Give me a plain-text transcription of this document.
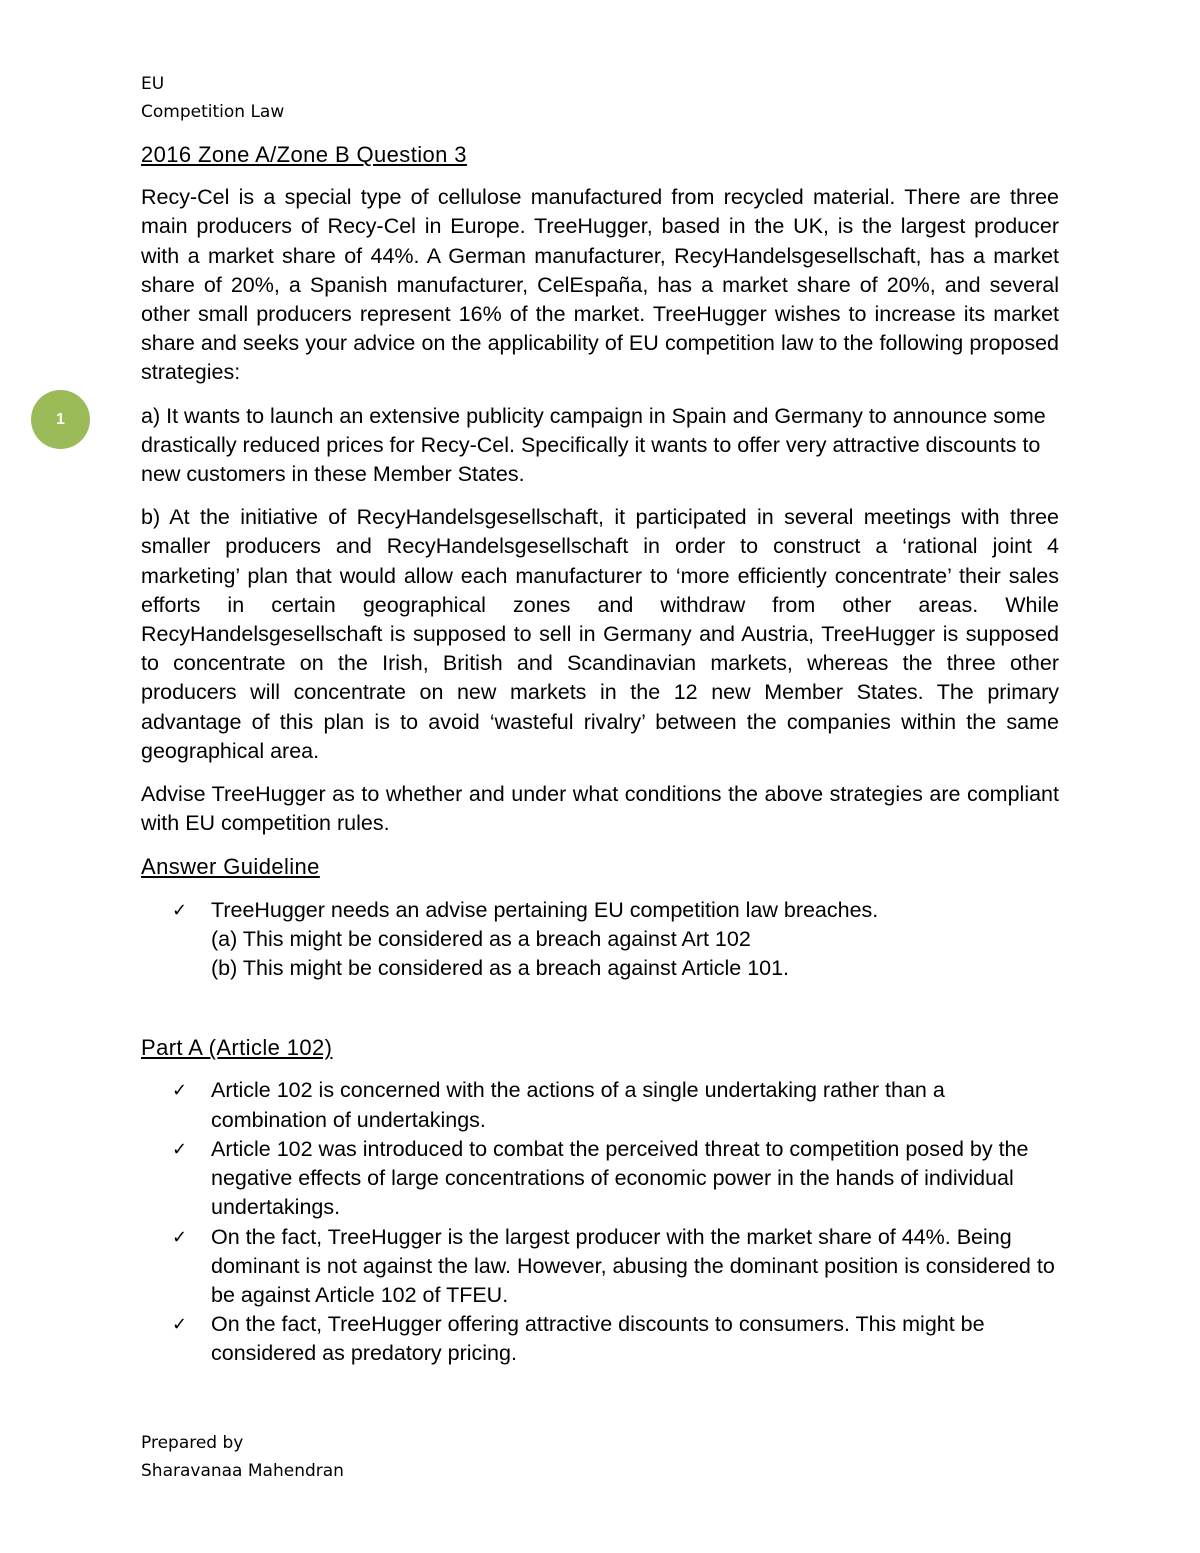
EU
Competition Law
1

2016 Zone A/Zone B Question 3

Recy-Cel is a special type of cellulose manufactured from recycled material. There are three main producers of Recy-Cel in Europe. TreeHugger, based in the UK, is the largest producer with a market share of 44%. A German manufacturer, RecyHandelsgesellschaft, has a market share of 20%, a Spanish manufacturer, CelEspaña, has a market share of 20%, and several other small producers represent 16% of the market. TreeHugger wishes to increase its market share and seeks your advice on the applicability of EU competition law to the following proposed strategies:

a) It wants to launch an extensive publicity campaign in Spain and Germany to announce some drastically reduced prices for Recy-Cel. Specifically it wants to offer very attractive discounts to new customers in these Member States.

b) At the initiative of RecyHandelsgesellschaft, it participated in several meetings with three smaller producers and RecyHandelsgesellschaft in order to construct a ‘rational joint 4 marketing’ plan that would allow each manufacturer to ‘more efficiently concentrate’ their sales efforts in certain geographical zones and withdraw from other areas. While RecyHandelsgesellschaft is supposed to sell in Germany and Austria, TreeHugger is supposed to concentrate on the Irish, British and Scandinavian markets, whereas the three other producers will concentrate on new markets in the 12 new Member States. The primary advantage of this plan is to avoid ‘wasteful rivalry’ between the companies within the same geographical area.

Advise TreeHugger as to whether and under what conditions the above strategies are compliant with EU competition rules.

Answer Guideline

✓ TreeHugger needs an advise pertaining EU competition law breaches.
(a) This might be considered as a breach against Art 102
(b) This might be considered as a breach against Article 101.

Part A (Article 102)

✓ Article 102 is concerned with the actions of a single undertaking rather than a combination of undertakings.
✓ Article 102 was introduced to combat the perceived threat to competition posed by the negative effects of large concentrations of economic power in the hands of individual undertakings.
✓ On the fact, TreeHugger is the largest producer with the market share of 44%. Being dominant is not against the law. However, abusing the dominant position is considered to be against Article 102 of TFEU.
✓ On the fact, TreeHugger offering attractive discounts to consumers. This might be considered as predatory pricing.
Prepared by
Sharavanaa Mahendran
